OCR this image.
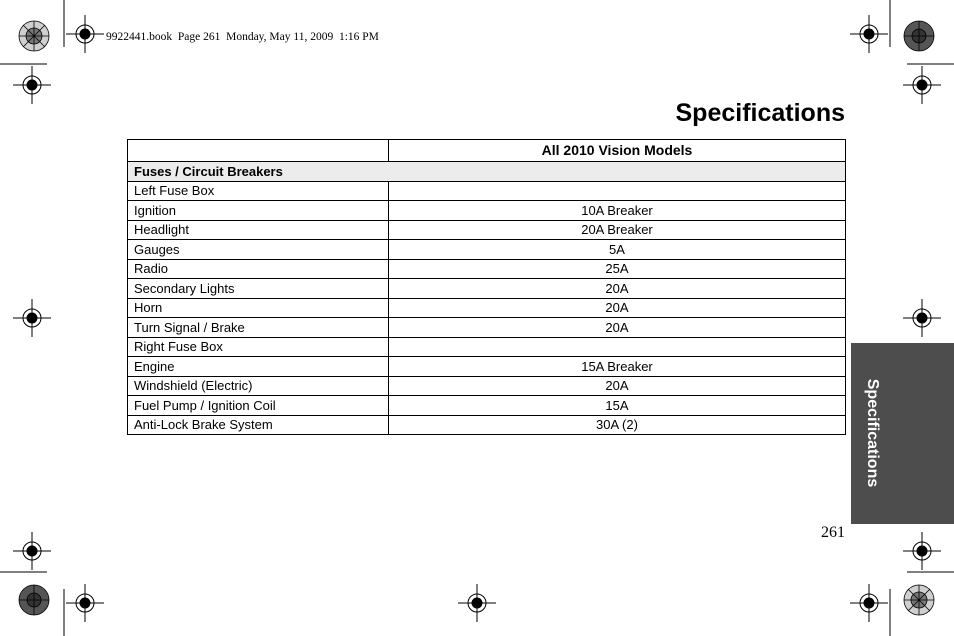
9922441.book  Page 261  Monday, May 11, 2009  1:16 PM
Specifications
	All 2010 Vision Models
Fuses / Circuit Breakers	
Left Fuse Box	
Ignition	10A Breaker
Headlight	20A Breaker
Gauges	5A
Radio	25A
Secondary Lights	20A
Horn	20A
Turn Signal / Brake	20A
Right Fuse Box	
Engine	15A Breaker
Windshield (Electric)	20A
Fuel Pump / Ignition Coil	15A
Anti-Lock Brake System	30A (2)	Specifications
261
